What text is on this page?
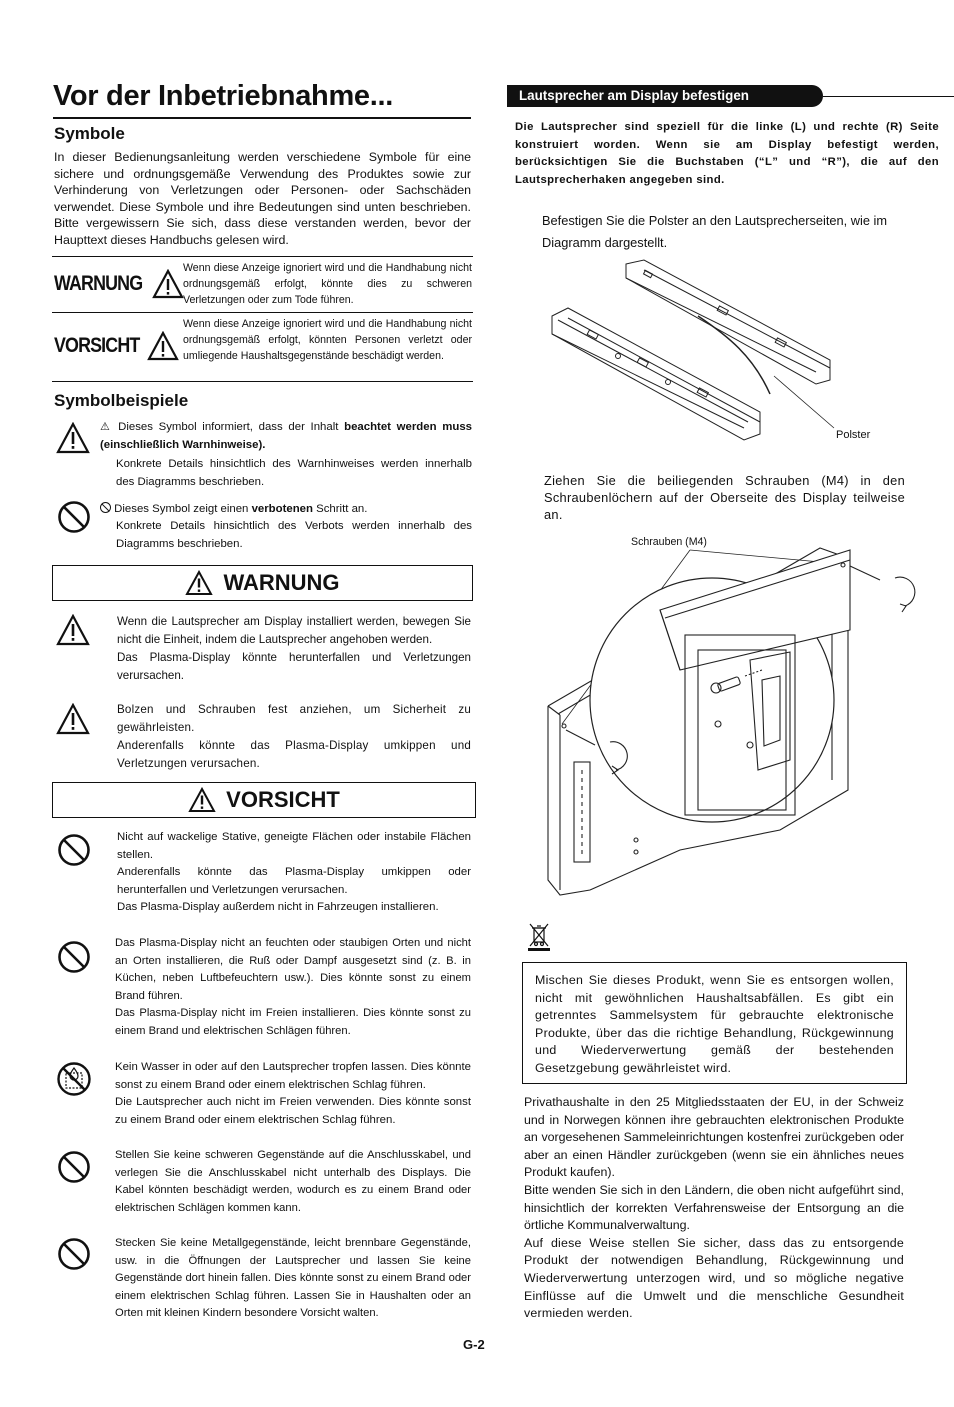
Vor der Inbetriebnahme...
Symbole
In dieser Bedienungsanleitung werden verschiedene Symbole für eine sichere und ordnungsgemäße Verwendung des Produktes sowie zur Verhinderung von Verletzungen oder Personen- oder Sachschäden verwendet. Diese Symbole und ihre Bedeutungen sind unten beschrieben. Bitte vergewissern Sie sich, dass diese verstanden werden, bevor der Haupttext dieses Handbuchs gelesen wird.
WARNUNG
Wenn diese Anzeige ignoriert wird und die Handhabung nicht ordnungsgemäß erfolgt, könnte dies zu schweren Verletzungen oder zum Tode führen.
VORSICHT
Wenn diese Anzeige ignoriert wird und die Handhabung nicht ordnungsgemäß erfolgt, könnten Personen verletzt oder umliegende Haushaltsgegenstände beschädigt werden.
Symbolbeispiele
⚠ Dieses Symbol informiert, dass der Inhalt beachtet werden muss (einschließlich Warnhinweise).
Konkrete Details hinsichtlich des Warnhinweises werden innerhalb des Diagramms beschrieben.
Dieses Symbol zeigt einen verbotenen Schritt an.
Konkrete Details hinsichtlich des Verbots werden innerhalb des Diagramms beschrieben.
WARNUNG
Wenn die Lautsprecher am Display installiert werden, bewegen Sie nicht die Einheit, indem die Lautsprecher angehoben werden.
Das Plasma-Display könnte herunterfallen und Verletzungen verursachen.
Bolzen und Schrauben fest anziehen, um Sicherheit zu gewährleisten.
Anderenfalls könnte das Plasma-Display umkippen und Verletzungen verursachen.
VORSICHT
Nicht auf wackelige Stative, geneigte Flächen oder instabile Flächen stellen.
Anderenfalls könnte das Plasma-Display umkippen oder herunterfallen und Verletzungen verursachen.
Das Plasma-Display außerdem nicht in Fahrzeugen installieren.
Das Plasma-Display nicht an feuchten oder staubigen Orten und nicht an Orten installieren, die Ruß oder Dampf ausgesetzt sind (z. B. in Küchen, neben Luftbefeuchtern usw.). Dies könnte sonst zu einem Brand führen.
Das Plasma-Display nicht im Freien installieren. Dies könnte sonst zu einem Brand und elektrischen Schlägen führen.
Kein Wasser in oder auf den Lautsprecher tropfen lassen. Dies könnte sonst zu einem Brand oder einem elektrischen Schlag führen.
Die Lautsprecher auch nicht im Freien verwenden. Dies könnte sonst zu einem Brand oder einem elektrischen Schlag führen.
Stellen Sie keine schweren Gegenstände auf die Anschlusskabel, und verlegen Sie die Anschlusskabel nicht unterhalb des Displays. Die Kabel könnten beschädigt werden, wodurch es zu einem Brand oder elektrischen Schlägen kommen kann.
Stecken Sie keine Metallgegenstände, leicht brennbare Gegenstände, usw. in die Öffnungen der Lautsprecher und lassen Sie keine Gegenstände dort hinein fallen. Dies könnte sonst zu einem Brand oder einem elektrischen Schlag führen. Lassen Sie in Haushalten oder an Orten mit kleinen Kindern besondere Vorsicht walten.
G-2
Lautsprecher am Display befestigen
Die Lautsprecher sind speziell für die linke (L) und rechte (R) Seite konstruiert worden. Wenn sie am Display befestigt werden, berücksichtigen Sie die Buchstaben (“L” und “R”), die auf den Lautsprecherhaken angegeben sind.
Befestigen Sie die Polster an den Lautsprecherseiten, wie im Diagramm dargestellt.
Polster
Ziehen Sie die beiliegenden Schrauben (M4) in den Schraubenlöchern auf der Oberseite des Display teilweise an.
Schrauben (M4)
Mischen Sie dieses Produkt, wenn Sie es entsorgen wollen, nicht mit gewöhnlichen Haushaltsabfällen. Es gibt ein getrenntes Sammelsystem für gebrauchte elektronische Produkte, über das die richtige Behandlung, Rückgewinnung und Wiederverwertung gemäß der bestehenden Gesetzgebung gewährleistet wird.
Privathaushalte in den 25 Mitgliedsstaaten der EU, in der Schweiz und in Norwegen können ihre gebrauchten elektronischen Produkte an vorgesehenen Sammeleinrichtungen kostenfrei zurückgeben oder aber an einen Händler zurückgeben (wenn sie ein ähnliches neues Produkt kaufen).
Bitte wenden Sie sich in den Ländern, die oben nicht aufgeführt sind, hinsichtlich der korrekten Verfahrensweise der Entsorgung an die örtliche Kommunalverwaltung.
Auf diese Weise stellen Sie sicher, dass das zu entsorgende Produkt der notwendigen Behandlung, Rückgewinnung und Wiederverwertung unterzogen wird, und so mögliche negative Einflüsse auf die Umwelt und die menschliche Gesundheit vermieden werden.
